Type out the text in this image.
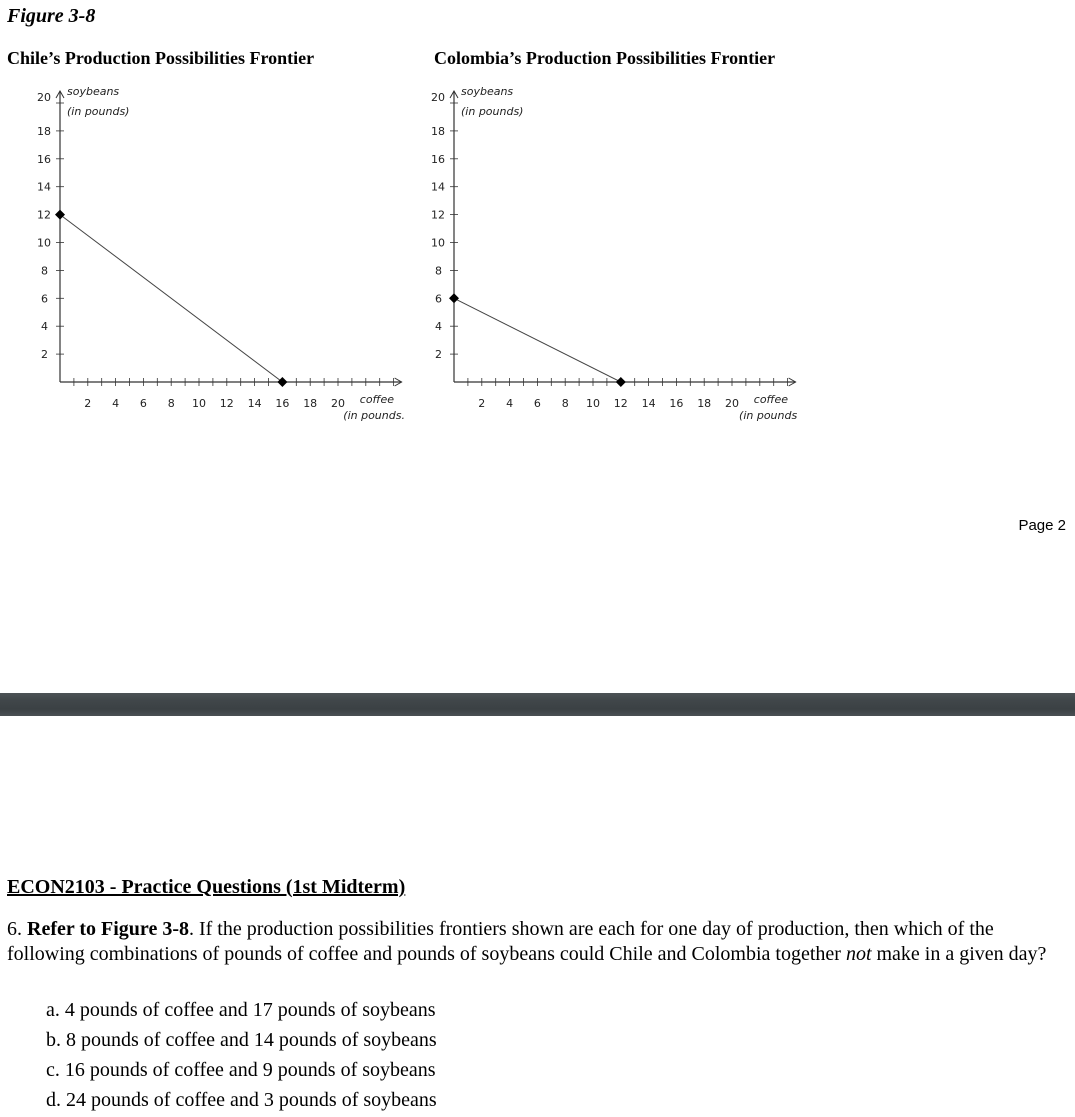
Figure 3-8
Chile’s Production Possibilities Frontier	Colombia’s Production Possibilities Frontier
2 4 6 8 10 12 14 16 18 20
2
4
6
8
10
12
14
16
18
20 soybeans
(in pounds)
coffee
(in pounds.
2 4 6 8 10 12 14 16 18 20
2
4
6
8
10
12
14
16
18
20 soybeans
(in pounds)
coffee
(in pounds
Page 2
ECON2103 - Practice Questions (1st Midterm)
6. Refer to Figure 3-8. If the production possibilities frontiers shown are each for one day of production, then which of the following combinations of pounds of coffee and pounds of soybeans could Chile and Colombia together not make in a given day?
a. 4 pounds of coffee and 17 pounds of soybeans
b. 8 pounds of coffee and 14 pounds of soybeans
c. 16 pounds of coffee and 9 pounds of soybeans
d. 24 pounds of coffee and 3 pounds of soybeans
